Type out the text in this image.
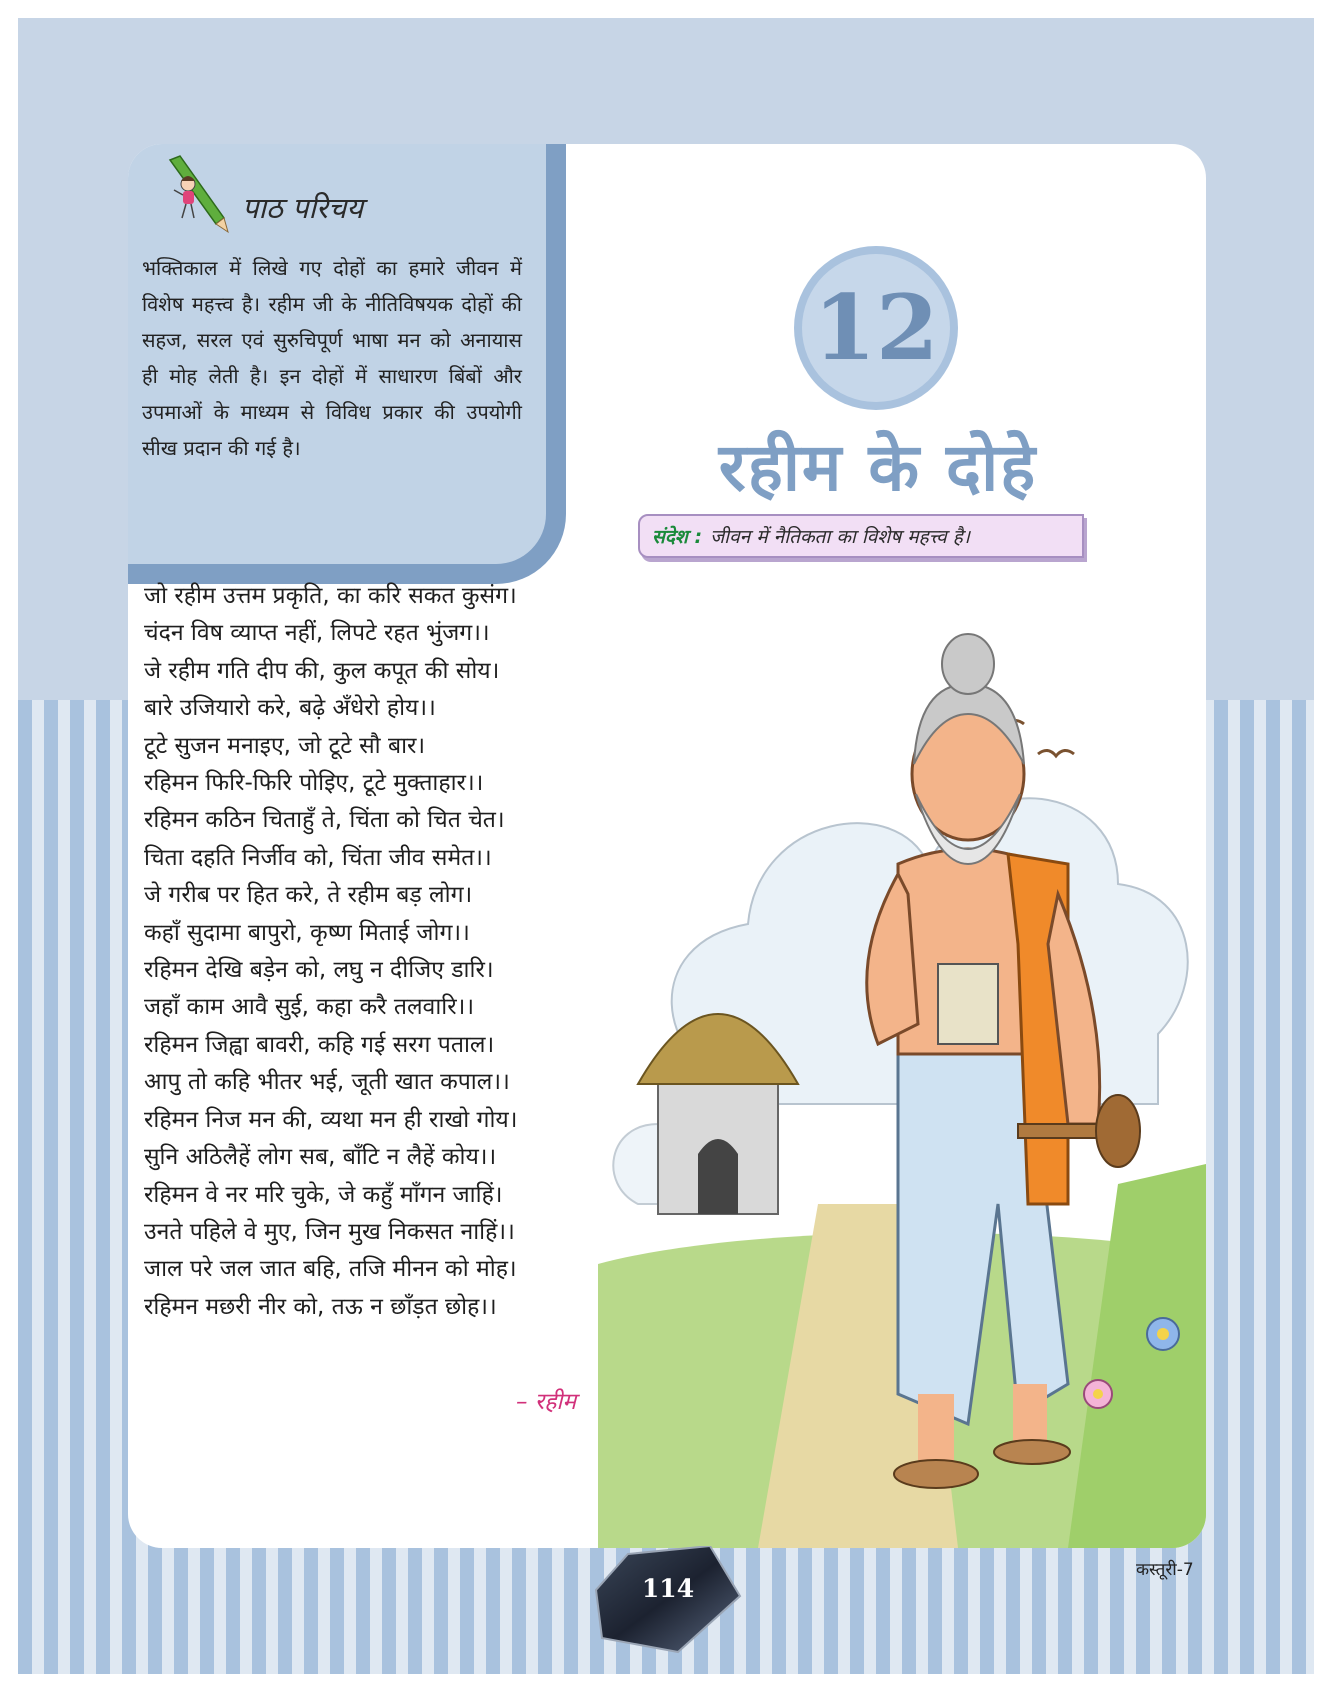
पाठ परिचय
भक्तिकाल में लिखे गए दोहों का हमारे जीवन में विशेष महत्त्व है। रहीम जी के नीतिविषयक दोहों की सहज, सरल एवं सुरुचिपूर्ण भाषा मन को अनायास ही मोह लेती है। इन दोहों में साधारण बिंबों और उपमाओं के माध्यम से विविध प्रकार की उपयोगी सीख प्रदान की गई है।
12
रहीम के दोहे
संदेश : जीवन में नैतिकता का विशेष महत्त्व है।
जो रहीम उत्तम प्रकृति, का करि सकत कुसंग।
चंदन विष व्याप्त नहीं, लिपटे रहत भुंजग।।
जे रहीम गति दीप की, कुल कपूत की सोय।
बारे उजियारो करे, बढ़े अँधेरो होय।।
टूटे सुजन मनाइए, जो टूटे सौ बार।
रहिमन फिरि-फिरि पोइिए, टूटे मुक्ताहार।।
रहिमन कठिन चिताहुँ ते, चिंता को चित चेत।
चिता दहति निर्जीव को, चिंता जीव समेत।।
जे गरीब पर हित करे, ते रहीम बड़ लोग।
कहाँ सुदामा बापुरो, कृष्ण मिताई जोग।।
रहिमन देखि बड़ेन को, लघु न दीजिए डारि।
जहाँ काम आवै सुई, कहा करै तलवारि।।
रहिमन जिह्वा बावरी, कहि गई सरग पताल।
आपु तो कहि भीतर भई, जूती खात कपाल।।
रहिमन निज मन की, व्यथा मन ही राखो गोय।
सुनि अठिलैहें लोग सब, बाँटि न लैहें कोय।।
रहिमन वे नर मरि चुके, जे कहुँ माँगन जाहिं।
उनते पहिले वे मुए, जिन मुख निकसत नाहिं।।
जाल परे जल जात बहि, तजि मीनन को मोह।
रहिमन मछरी नीर को, तऊ न छाँड़त छोह।।
– रहीम
114
कस्तूरी-7
